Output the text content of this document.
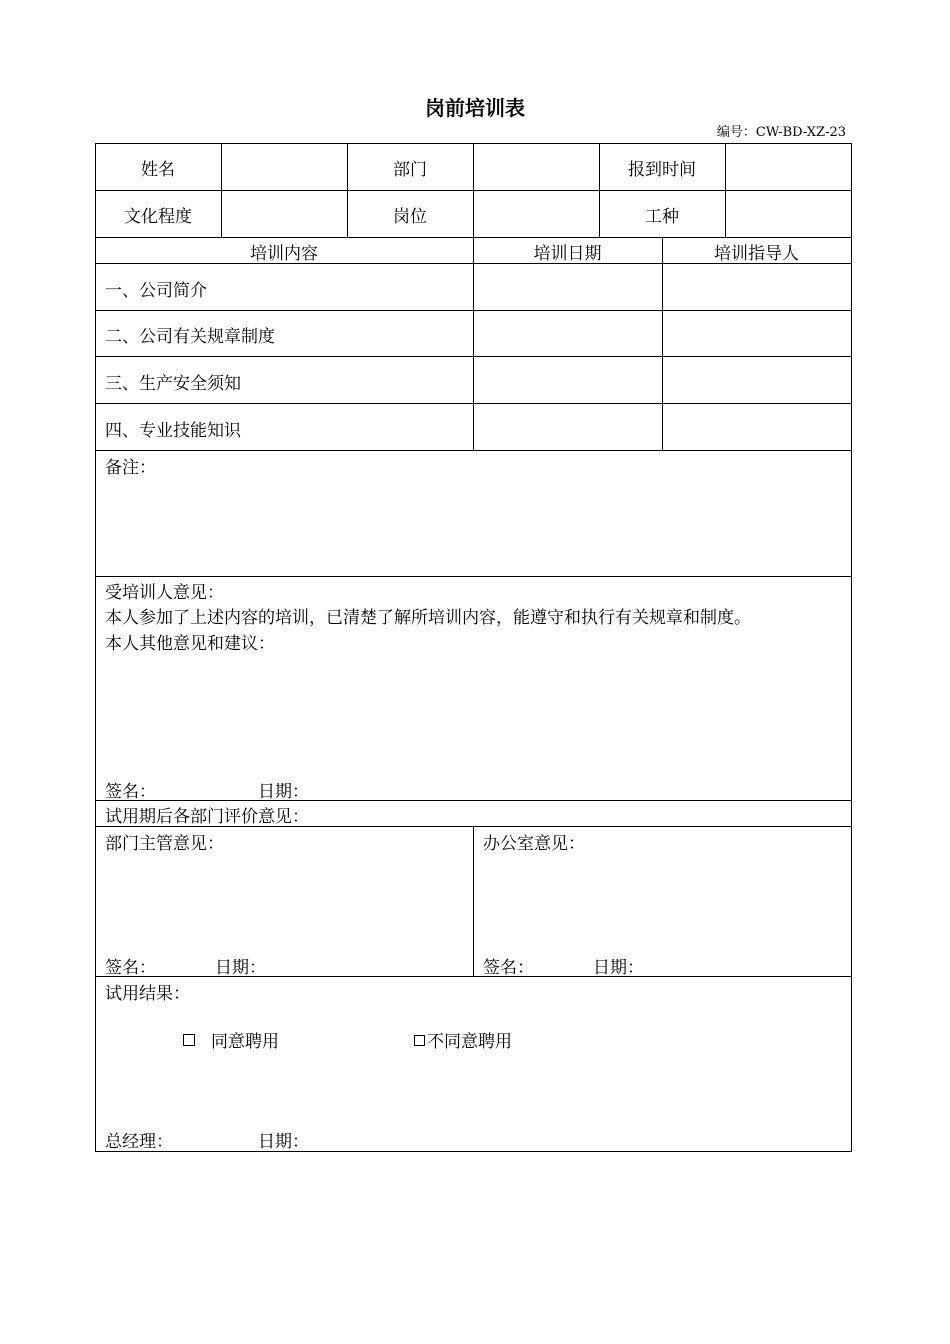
岗前培训表
编号：CW-BD-XZ-23
姓名	部门	报到时间
文化程度	岗位	工种
培训内容	培训日期	培训指导人
一、公司简介
二、公司有关规章制度
三、生产安全须知
四、专业技能知识
备注：
受培训人意见：
本人参加了上述内容的培训，已清楚了解所培训内容，能遵守和执行有关规章和制度。
本人其他意见和建议：
签名：	日期：
试用期后各部门评价意见：
部门主管意见：
签名：	日期：
办公室意见：
签名：	日期：
试用结果：
同意聘用	不同意聘用
总经理：	日期：
